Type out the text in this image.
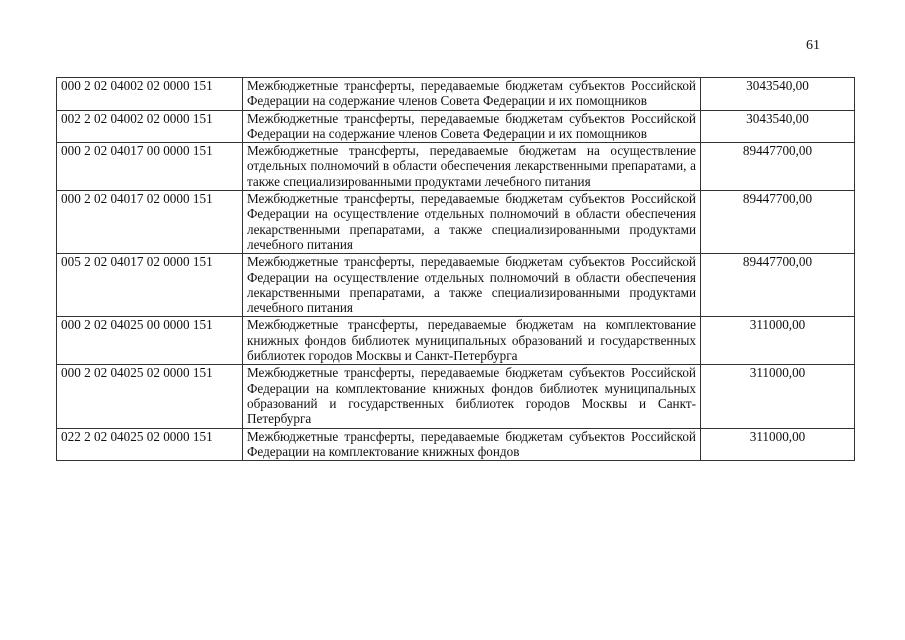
61
000 2 02 04002 02 0000 151	Межбюджетные трансферты, передаваемые бюджетам субъектов Российской Федерации на содержание членов Совета Федерации и их помощников	3043540,00
002 2 02 04002 02 0000 151	Межбюджетные трансферты, передаваемые бюджетам субъектов Российской Федерации на содержание членов Совета Федерации и их помощников	3043540,00
000 2 02 04017 00 0000 151	Межбюджетные трансферты, передаваемые бюджетам на осуществление отдельных полномочий в области обеспечения лекарственными препаратами, а также специализированными продуктами лечебного питания	89447700,00
000 2 02 04017 02 0000 151	Межбюджетные трансферты, передаваемые бюджетам субъектов Российской Федерации на осуществление отдельных полномочий в области обеспечения лекарственными препаратами, а также специализированными продуктами лечебного питания	89447700,00
005 2 02 04017 02 0000 151	Межбюджетные трансферты, передаваемые бюджетам субъектов Российской Федерации на осуществление отдельных полномочий в области обеспечения лекарственными препаратами, а также специализированными продуктами лечебного питания	89447700,00
000 2 02 04025 00 0000 151	Межбюджетные трансферты, передаваемые бюджетам на комплектование книжных фондов библиотек муниципальных образований и государственных библиотек городов Москвы и Санкт-Петербурга	311000,00
000 2 02 04025 02 0000 151	Межбюджетные трансферты, передаваемые бюджетам субъектов Российской Федерации на комплектование книжных фондов библиотек муниципальных образований и государственных библиотек городов Москвы и Санкт-Петербурга	311000,00
022 2 02 04025 02 0000 151	Межбюджетные трансферты, передаваемые бюджетам субъектов Российской Федерации на комплектование книжных фондов	311000,00
